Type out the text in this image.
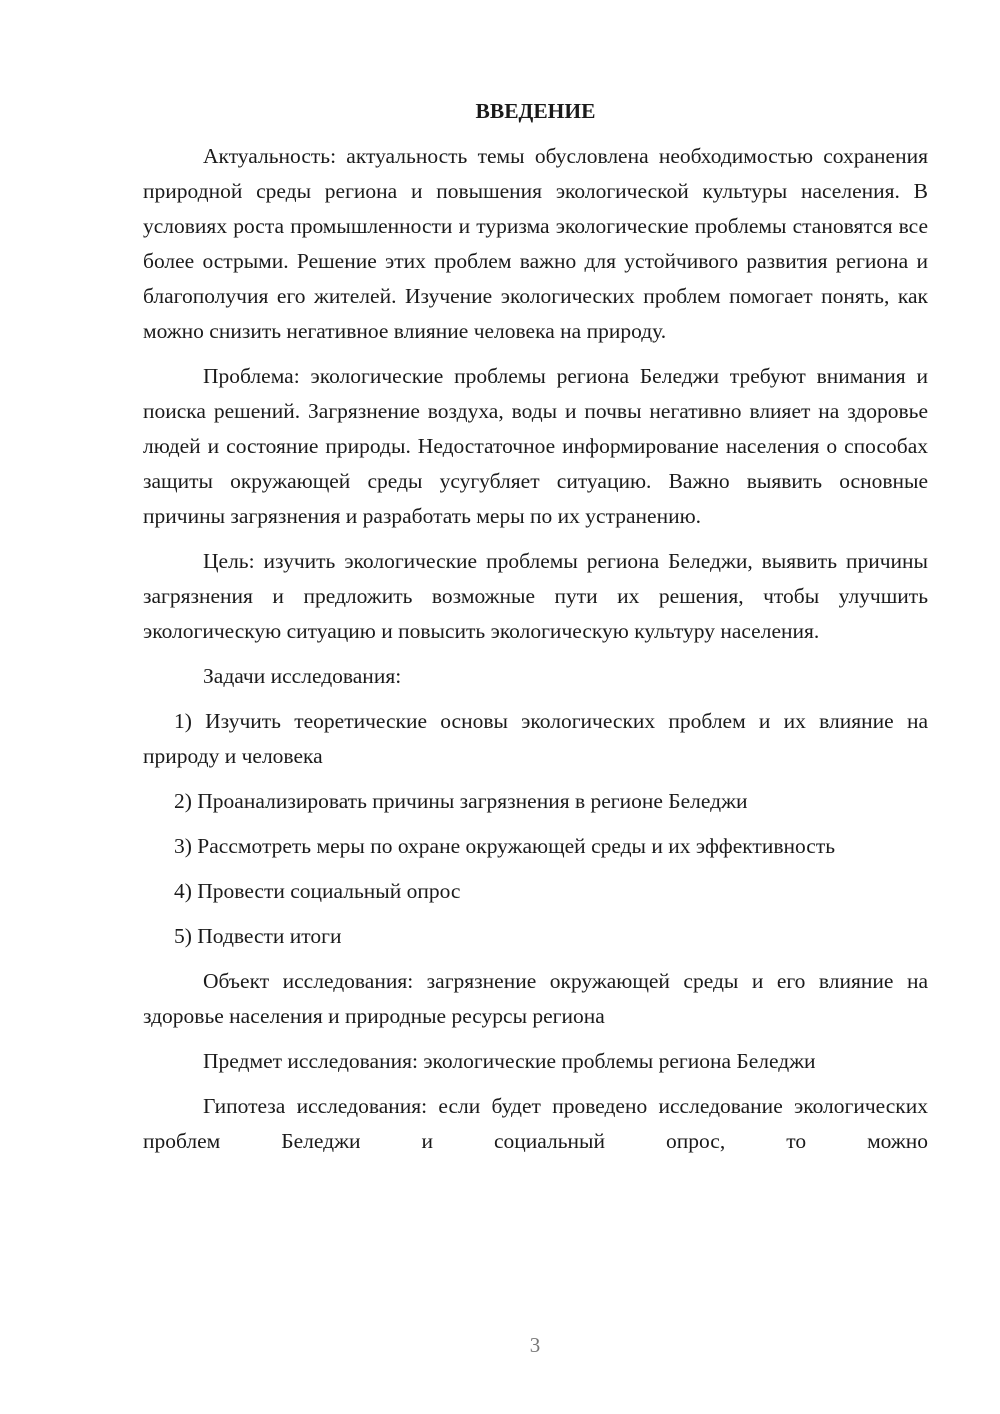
ВВЕДЕНИЕ

Актуальность: актуальность темы обусловлена необходимостью сохранения природной среды региона и повышения экологической культуры населения. В условиях роста промышленности и туризма экологические проблемы становятся все более острыми. Решение этих проблем важно для устойчивого развития региона и благополучия его жителей. Изучение экологических проблем помогает понять, как можно снизить негативное влияние человека на природу.

Проблема: экологические проблемы региона Беледжи требуют внимания и поиска решений. Загрязнение воздуха, воды и почвы негативно влияет на здоровье людей и состояние природы. Недостаточное информирование населения о способах защиты окружающей среды усугубляет ситуацию. Важно выявить основные причины загрязнения и разработать меры по их устранению.

Цель: изучить экологические проблемы региона Беледжи, выявить причины загрязнения и предложить возможные пути их решения, чтобы улучшить экологическую ситуацию и повысить экологическую культуру населения.

Задачи исследования:

1) Изучить теоретические основы экологических проблем и их влияние на природу и человека

2) Проанализировать причины загрязнения в регионе Беледжи

3) Рассмотреть меры по охране окружающей среды и их эффективность

4) Провести социальный опрос

5) Подвести итоги

Объект исследования: загрязнение окружающей среды и его влияние на здоровье населения и природные ресурсы региона

Предмет исследования: экологические проблемы региона Беледжи

Гипотеза исследования: если будет проведено исследование экологических проблем Беледжи и социальный опрос, то можно

3
